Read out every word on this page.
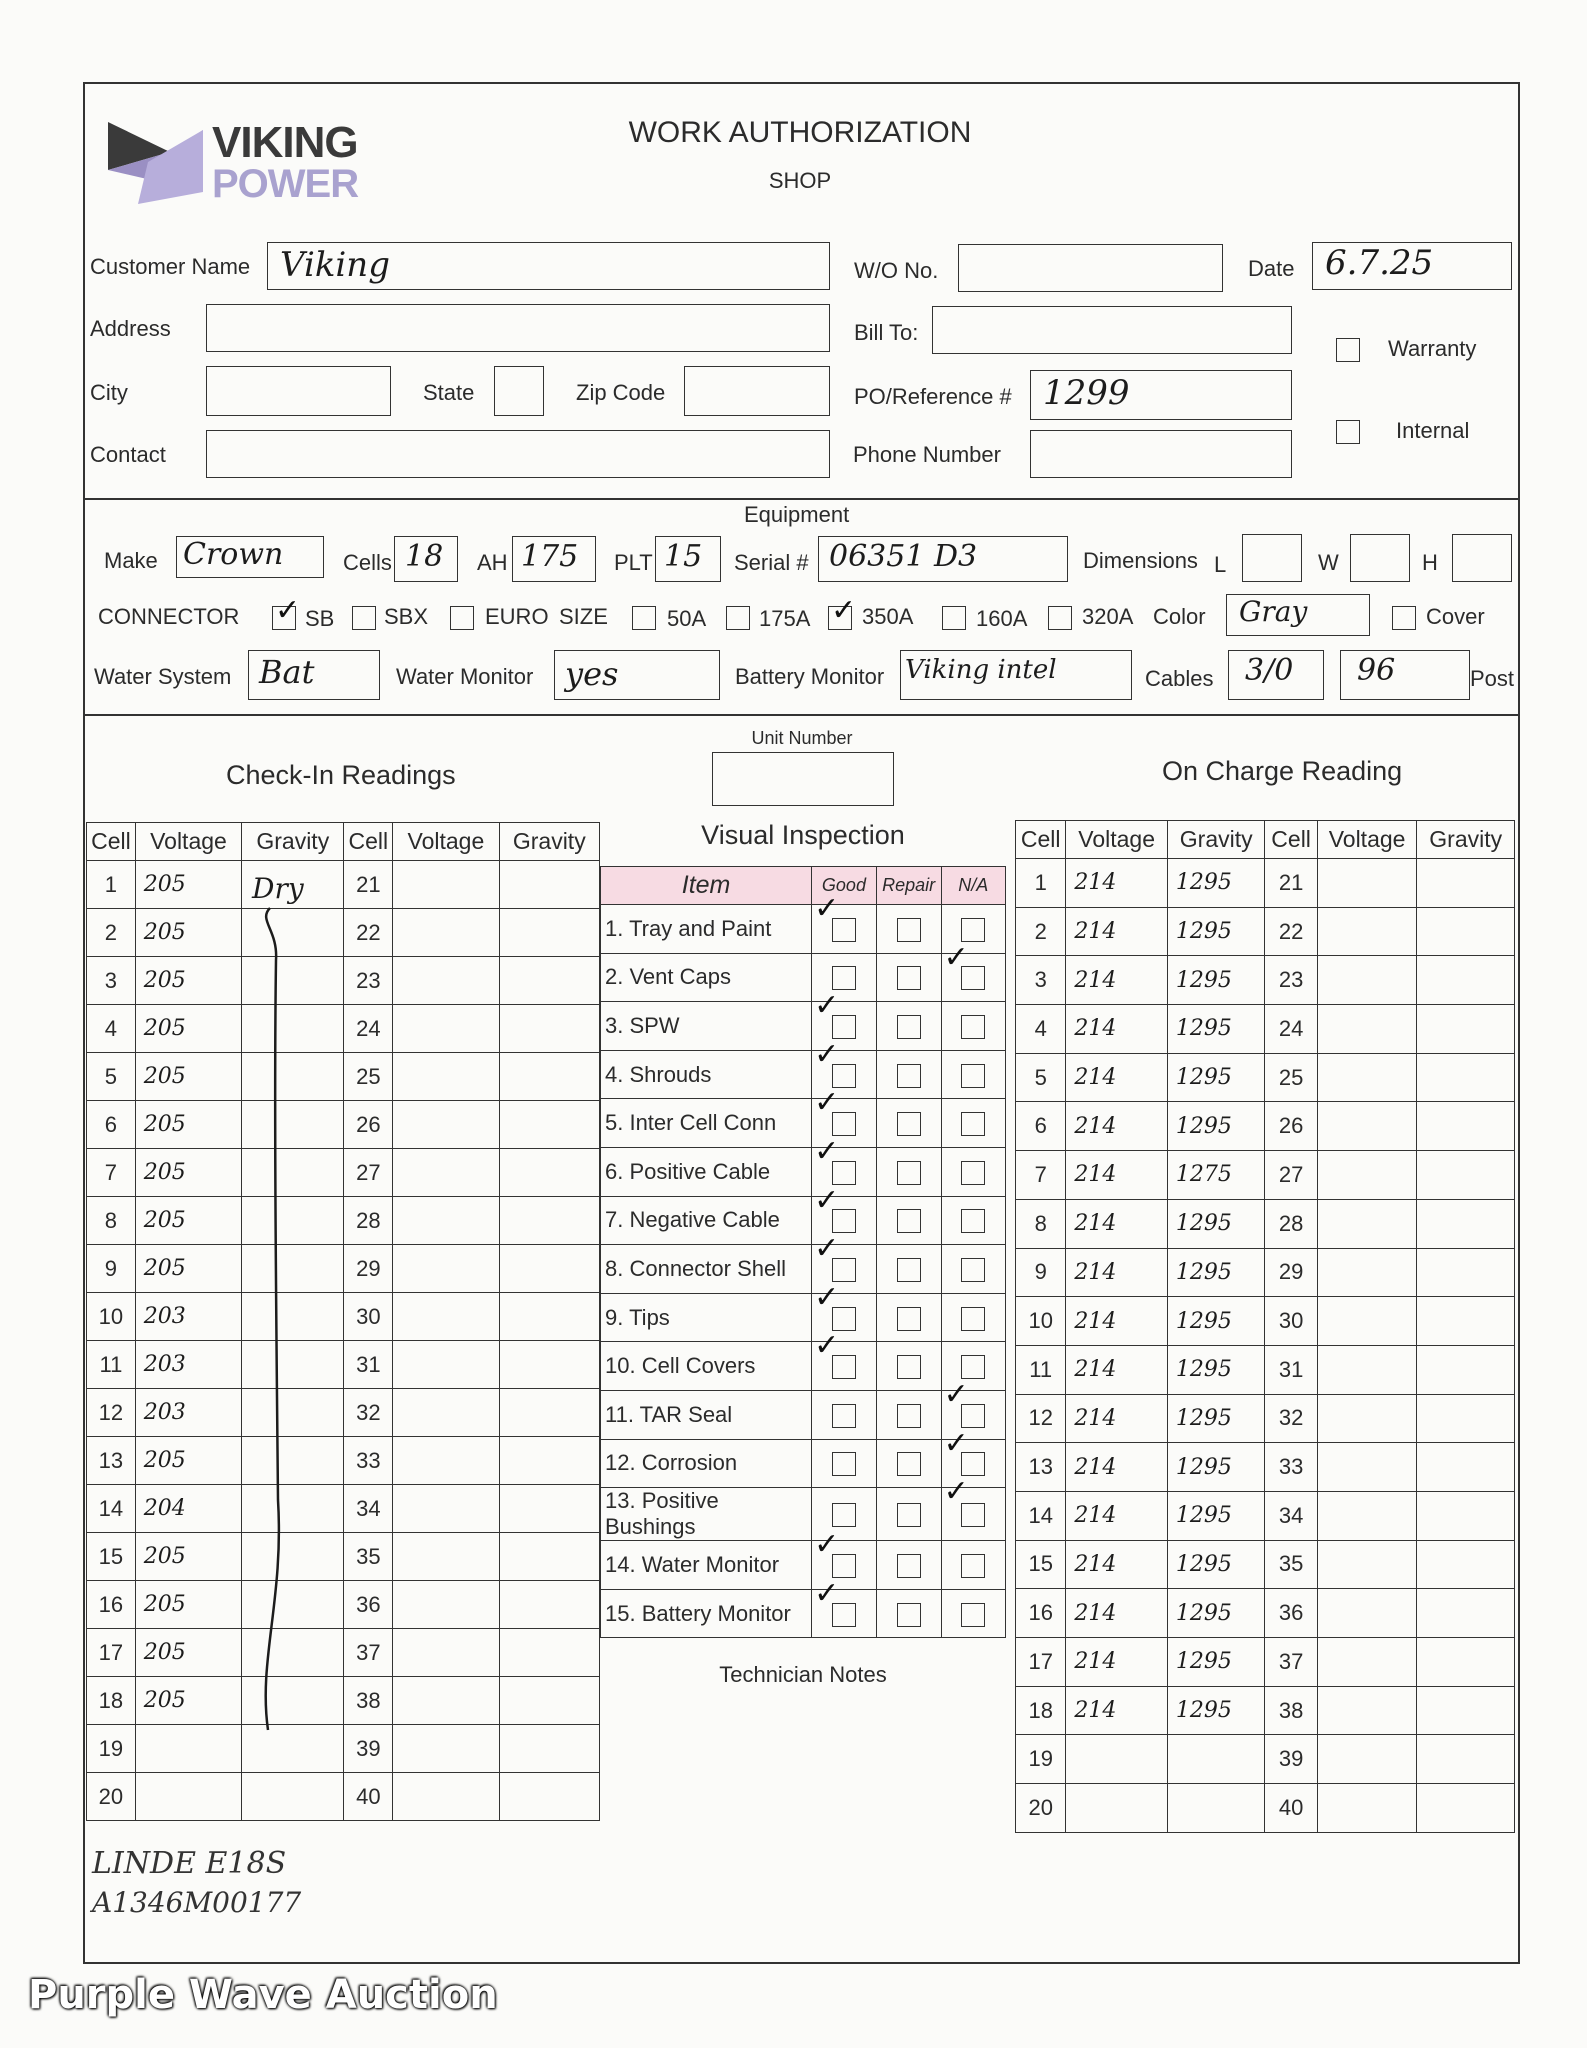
VIKING
POWER
WORK AUTHORIZATION
SHOP
Customer Name Viking	W/O No.	Date 6.7.25
Address	Bill To:
Warranty
City	State	Zip Code	PO/Reference # 1299
Internal
Contact	Phone Number
Equipment
Make Crown	Cells 18 AH 175 PLT 15 Serial # 06351 D3	Dimensions L	W	H
CONNECTOR ✓	SB SBX	EURO SIZE	50A 175A ✓ 350A	160A 320A Color Gray	Cover
Water System Bat	Water Monitor yes	Battery Monitor Viking intel	Cables 3/0 96	Post
Check-In Readings
Unit Number
On Charge Reading
Visual Inspection
Cell	Voltage	Gravity	Cell	Voltage	Gravity
1	205		21		
2	205		22		
3	205		23		
4	205		24		
5	205		25		
6	205		26		
7	205		27		
8	205		28		
9	205		29		
10	203		30		
11	203		31		
12	203		32		
13	205		33		
14	204		34		
15	205		35		
16	205		36		
17	205		37		
18	205		38		
19			39		
20			40		
Dry	Item	Good	Repair	N/A
1. Tray and Paint	✓		
2. Vent Caps			✓
3. SPW	✓		
4. Shrouds	✓		
5. Inter Cell Conn	✓		
6. Positive Cable	✓		
7. Negative Cable	✓		
8. Connector Shell	✓		
9. Tips	✓		
10. Cell Covers	✓		
11. TAR Seal			✓
12. Corrosion			✓
13. Positive Bushings			✓
14. Water Monitor	✓		
15. Battery Monitor	✓		
Technician Notes
Cell	Voltage	Gravity	Cell	Voltage	Gravity
1	214	1295	21		
2	214	1295	22		
3	214	1295	23		
4	214	1295	24		
5	214	1295	25		
6	214	1295	26		
7	214	1275	27		
8	214	1295	28		
9	214	1295	29		
10	214	1295	30		
11	214	1295	31		
12	214	1295	32		
13	214	1295	33		
14	214	1295	34		
15	214	1295	35		
16	214	1295	36		
17	214	1295	37		
18	214	1295	38		
19			39		
20			40		
LINDE E18S
A1346M00177
Purple Wave Auction
